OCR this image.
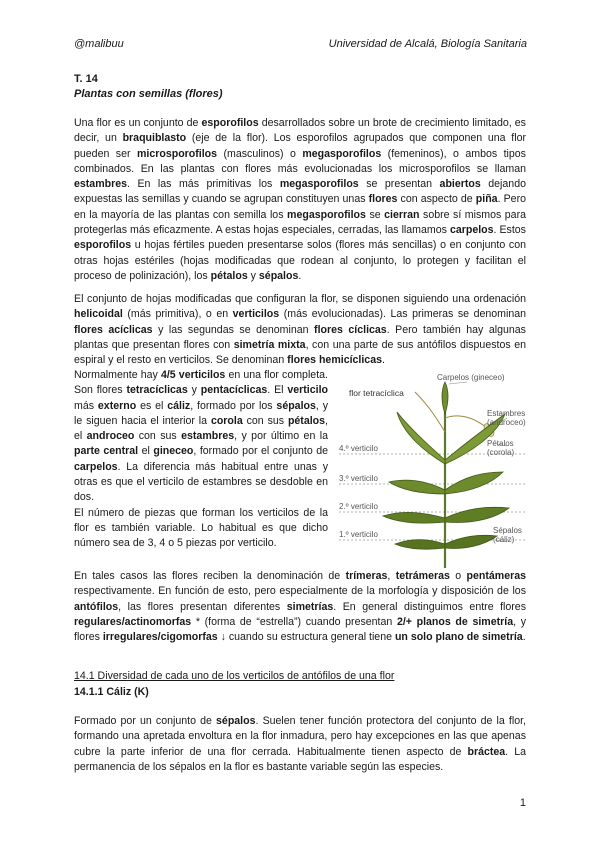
@malibuu	Universidad de Alcalá, Biología Sanitaria
T. 14
Plantas con semillas (flores)

Una flor es un conjunto de esporofilos desarrollados sobre un brote de crecimiento limitado, es decir, un braquiblasto (eje de la flor). Los esporofilos agrupados que componen una flor pueden ser microsporofilos (masculinos) o megasporofilos (femeninos), o ambos tipos combinados. En las plantas con flores más evolucionadas los microsporofilos se llaman estambres. En las más primitivas los megasporofilos se presentan abiertos dejando expuestas las semillas y cuando se agrupan constituyen unas flores con aspecto de piña. Pero en la mayoría de las plantas con semilla los megasporofilos se cierran sobre sí mismos para protegerlas más eficazmente. A estas hojas especiales, cerradas, las llamamos carpelos. Estos esporofilos u hojas fértiles pueden presentarse solos (flores más sencillas) o en conjunto con otras hojas estériles (hojas modificadas que rodean al conjunto, lo protegen y facilitan el proceso de polinización), los pétalos y sépalos.

El conjunto de hojas modificadas que configuran la flor, se disponen siguiendo una ordenación helicoidal (más primitiva), o en verticilos (más evolucionadas). Las primeras se denominan flores acíclicas y las segundas se denominan flores cíclicas. Pero también hay algunas plantas que presentan flores con simetría mixta, con una parte de sus antófilos dispuestos en espiral y el resto en verticilos. Se denominan flores hemicíclicas.

Normalmente hay 4/5 verticilos en una flor completa. Son flores tetracíclicas y pentacíclicas. El verticilo más externo es el cáliz, formado por los sépalos, y le siguen hacia el interior la corola con sus pétalos, el androceo con sus estambres, y por último en la parte central el gineceo, formado por el conjunto de carpelos. La diferencia más habitual entre unas y otras es que el verticilo de estambres se desdoble en dos.

El número de piezas que forman los verticilos de la flor es también variable. Lo habitual es que dicho número sea de 3, 4 o 5 piezas por verticilo.

flor tetracíclica
Carpelos (gineceo)
Estambres
(androceo)
Pétalos
(corola)
Sépalos
(cáliz)
4.º verticilo
3.º verticilo
2.º verticilo
1.º verticilo

En tales casos las flores reciben la denominación de trímeras, tetrámeras o pentámeras respectivamente. En función de esto, pero especialmente de la morfología y disposición de los antófilos, las flores presentan diferentes simetrías. En general distinguimos entre flores regulares/actinomorfas * (forma de “estrella”) cuando presentan 2/+ planos de simetría, y flores irregulares/cigomorfas ↓ cuando su estructura general tiene un solo plano de simetría.

14.1 Diversidad de cada uno de los verticilos de antófilos de una flor
14.1.1 Cáliz (K)

Formado por un conjunto de sépalos. Suelen tener función protectora del conjunto de la flor, formando una apretada envoltura en la flor inmadura, pero hay excepciones en las que apenas cubre la parte inferior de una flor cerrada. Habitualmente tienen aspecto de bráctea. La permanencia de los sépalos en la flor es bastante variable según las especies.

1
